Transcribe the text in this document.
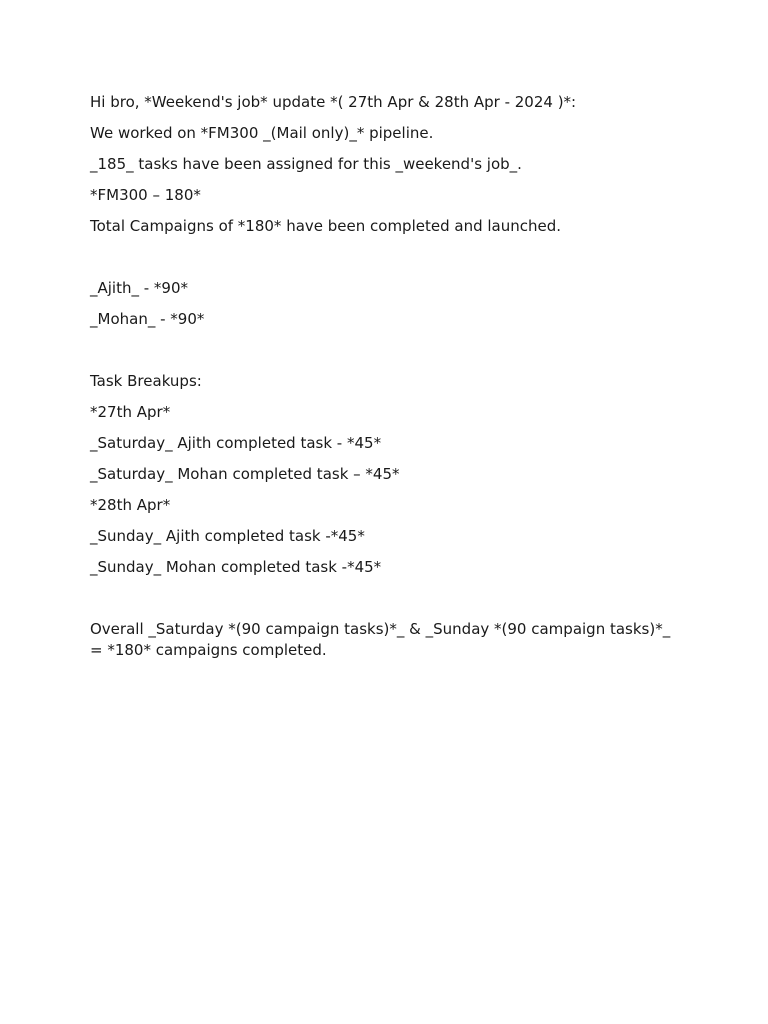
Hi bro, *Weekend's job* update *( 27th Apr & 28th Apr - 2024 )*:
We worked on *FM300 _(Mail only)_* pipeline.
_185_ tasks have been assigned for this _weekend's job_.
*FM300 – 180*
Total Campaigns of *180* have been completed and launched.
_Ajith_ - *90*
_Mohan_ - *90*
Task Breakups:
*27th Apr*
_Saturday_ Ajith completed task - *45*
_Saturday_ Mohan completed task – *45*
*28th Apr*
_Sunday_ Ajith completed task -*45*
_Sunday_ Mohan completed task -*45*
Overall _Saturday *(90 campaign tasks)*_ & _Sunday *(90 campaign tasks)*_ = *180* campaigns completed.
